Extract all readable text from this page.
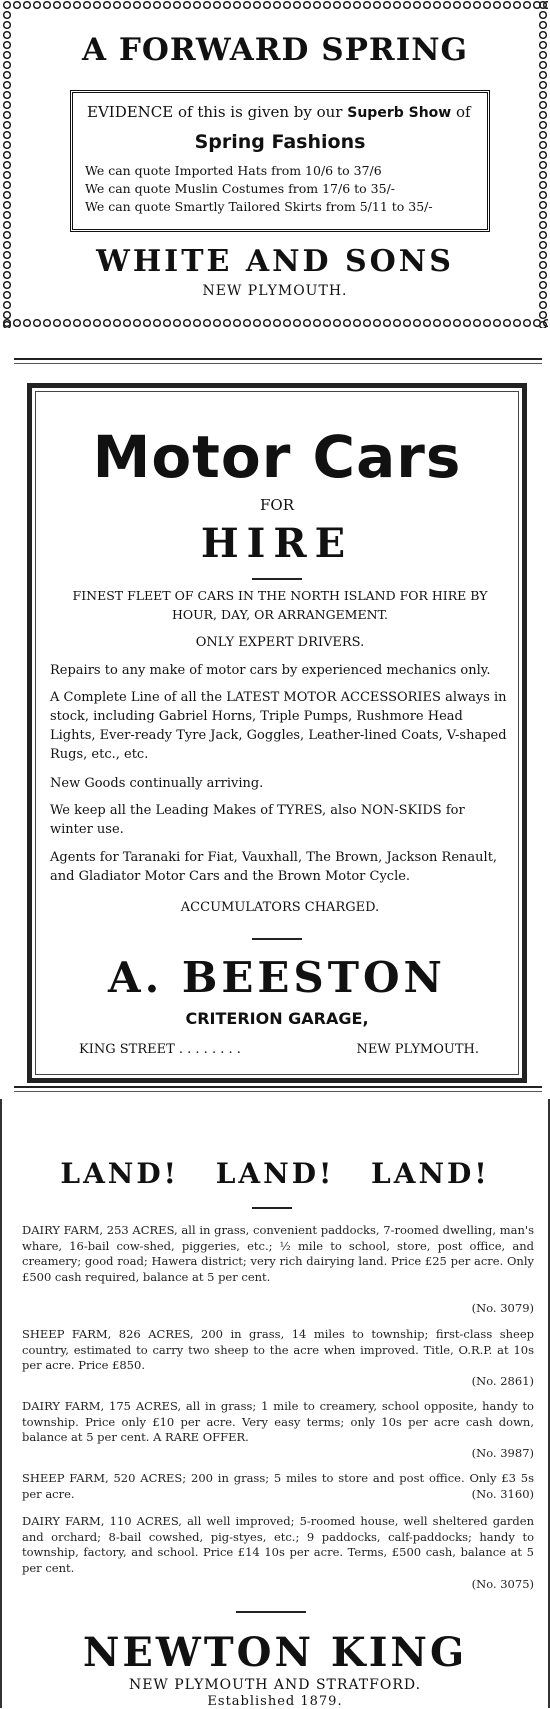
A FORWARD SPRING
EVIDENCE of this is given by our Superb Show of
Spring Fashions
We can quote Imported Hats from 10/6 to 37/6
We can quote Muslin Costumes from 17/6 to 35/-
We can quote Smartly Tailored Skirts from 5/11 to 35/-
WHITE AND SONS
NEW PLYMOUTH.
Motor Cars
FOR
HIRE
FINEST FLEET OF CARS IN THE NORTH ISLAND FOR HIRE BY HOUR, DAY, OR ARRANGEMENT.
ONLY EXPERT DRIVERS.
Repairs to any make of motor cars by experienced mechanics only.
A Complete Line of all the LATEST MOTOR ACCESSORIES always in stock, including Gabriel Horns, Triple Pumps, Rushmore Head Lights, Ever-ready Tyre Jack, Goggles, Leather-lined Coats, V-shaped Rugs, etc., etc.
New Goods continually arriving.
We keep all the Leading Makes of TYRES, also NON-SKIDS for winter use.
Agents for Taranaki for Fiat, Vauxhall, The Brown, Jackson Renault, and Gladiator Motor Cars and the Brown Motor Cycle.
ACCUMULATORS CHARGED.
A. BEESTON
CRITERION GARAGE,
KING STREET . . . . . . . .	NEW PLYMOUTH.
LAND! LAND! LAND!
DAIRY FARM, 253 ACRES, all in grass, convenient paddocks, 7-roomed dwelling, man's whare, 16-bail cow-shed, piggeries, etc.; ½ mile to school, store, post office, and creamery; good road; Hawera district; very rich dairying land. Price £25 per acre. Only £500 cash required, balance at 5 per cent.
(No. 3079)
SHEEP FARM, 826 ACRES, 200 in grass, 14 miles to township; first-class sheep country, estimated to carry two sheep to the acre when improved. Title, O.R.P. at 10s per acre. Price £850.
(No. 2861)
DAIRY FARM, 175 ACRES, all in grass; 1 mile to creamery, school opposite, handy to township. Price only £10 per acre. Very easy terms; only 10s per acre cash down, balance at 5 per cent. A RARE OFFER.
(No. 3987)
SHEEP FARM, 520 ACRES; 200 in grass; 5 miles to store and post office. Only £3 5s per acre.	(No. 3160)
DAIRY FARM, 110 ACRES, all well improved; 5-roomed house, well sheltered garden and orchard; 8-bail cowshed, pig-styes, etc.; 9 paddocks, calf-paddocks; handy to township, factory, and school. Price £14 10s per acre. Terms, £500 cash, balance at 5 per cent.
(No. 3075)
NEWTON KING
NEW PLYMOUTH AND STRATFORD.
Established 1879.
